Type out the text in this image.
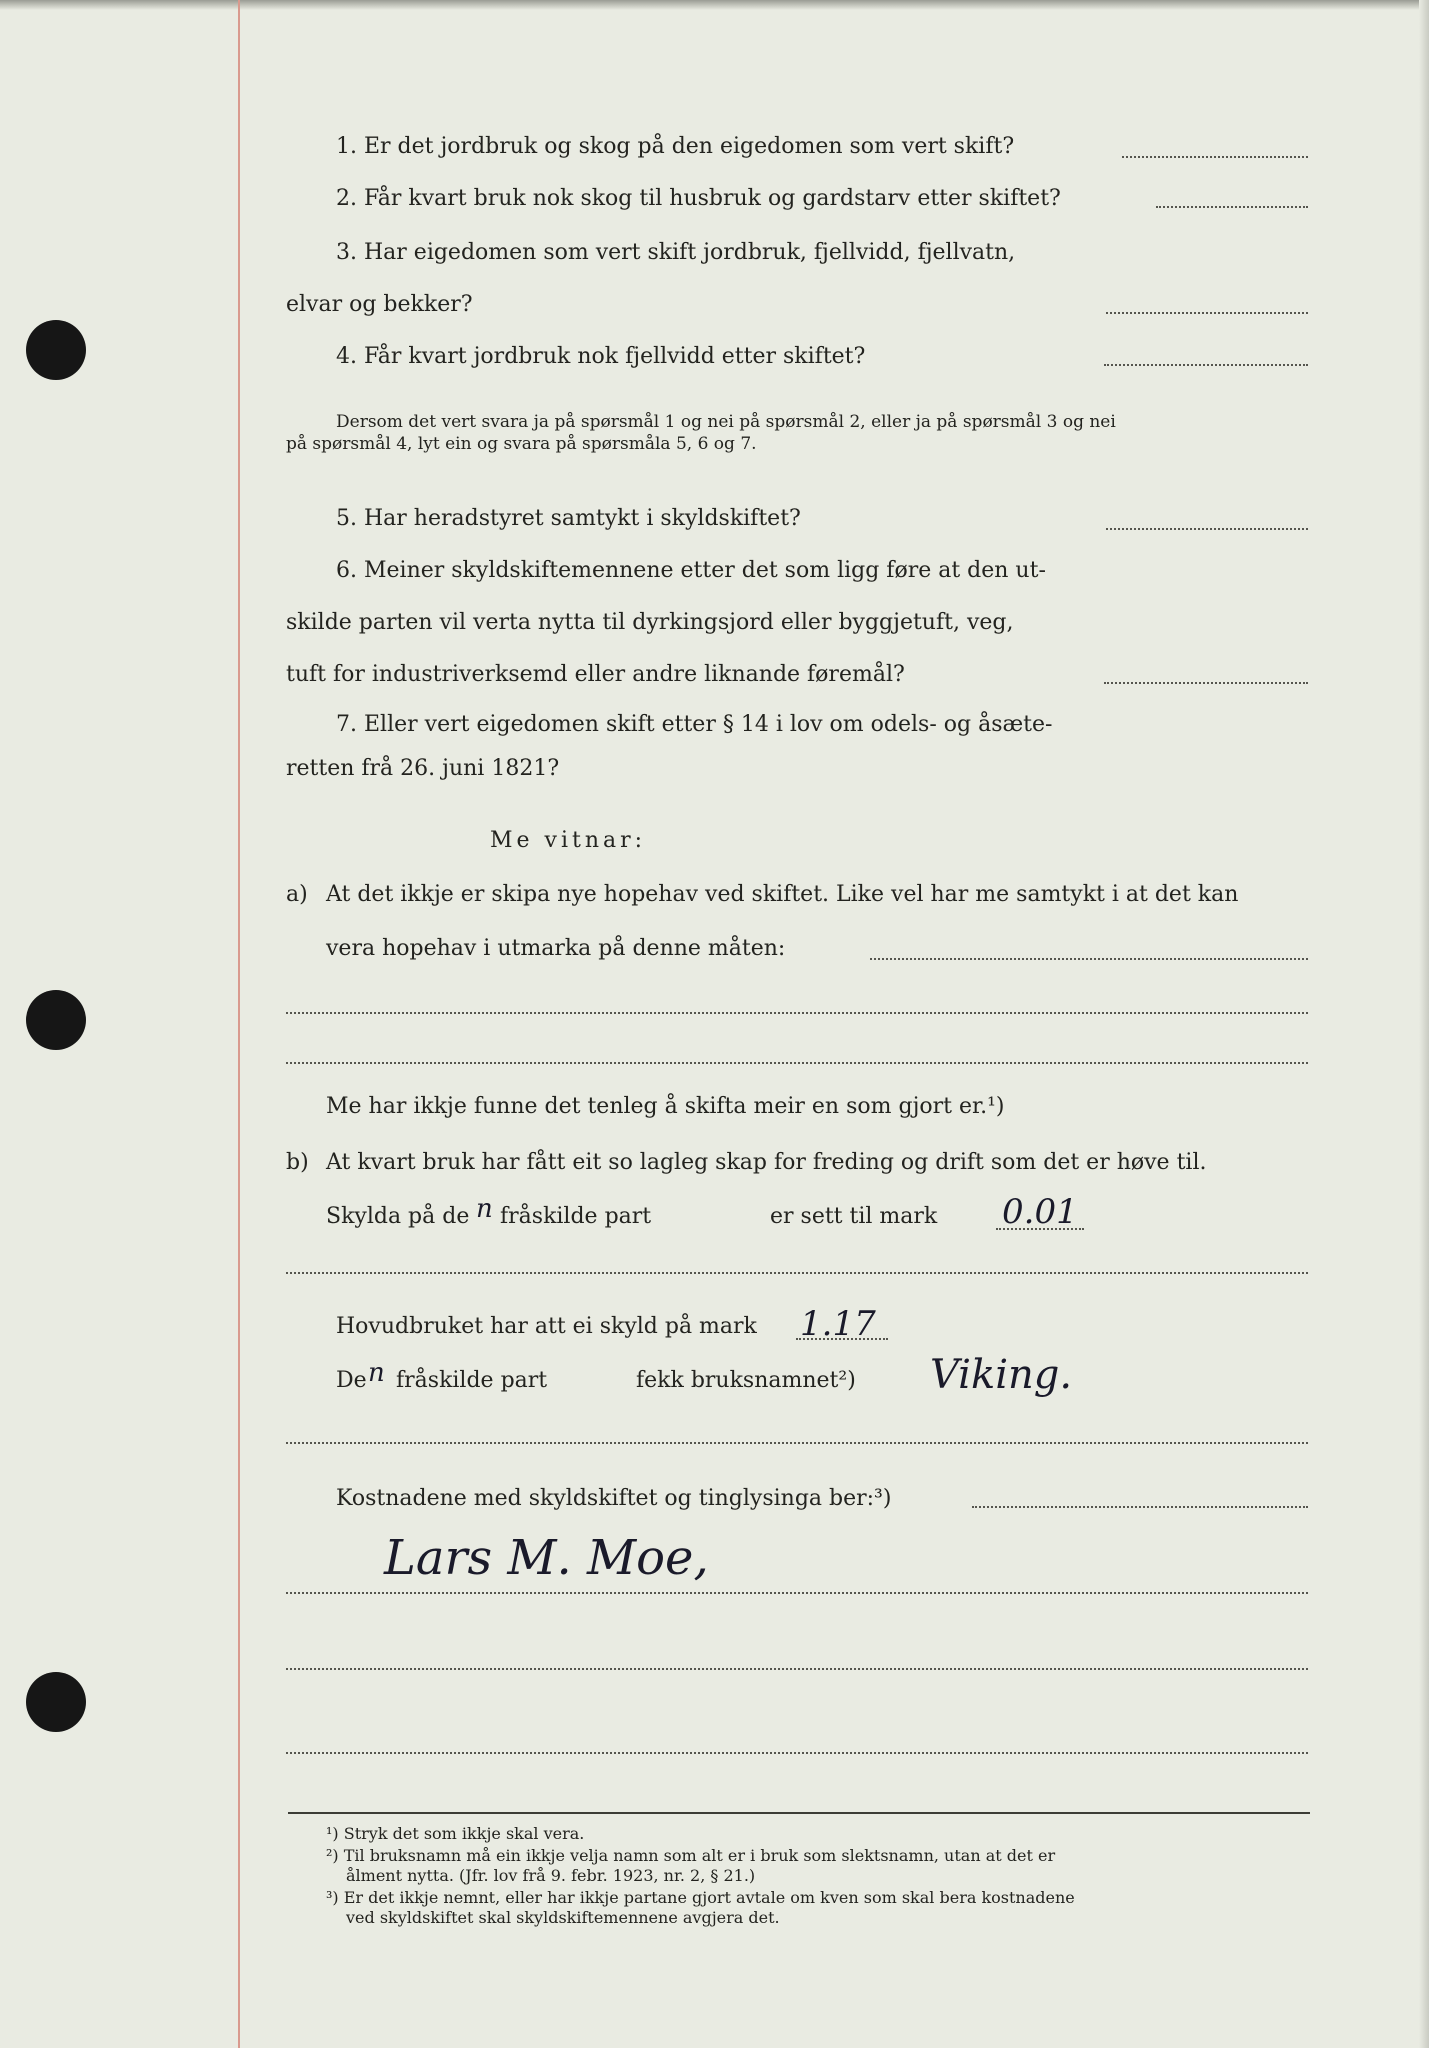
1. Er det jordbruk og skog på den eigedomen som vert skift?
2. Får kvart bruk nok skog til husbruk og gardstarv etter skiftet?
3. Har eigedomen som vert skift jordbruk, fjellvidd, fjellvatn,
elvar og bekker?
4. Får kvart jordbruk nok fjellvidd etter skiftet?
Dersom det vert svara ja på spørsmål 1 og nei på spørsmål 2, eller ja på spørsmål 3 og nei
på spørsmål 4, lyt ein og svara på spørsmåla 5, 6 og 7.
5. Har heradstyret samtykt i skyldskiftet?
6. Meiner skyldskiftemennene etter det som ligg føre at den ut-
skilde parten vil verta nytta til dyrkingsjord eller byggjetuft, veg,
tuft for industriverksemd eller andre liknande føremål?
7. Eller vert eigedomen skift etter § 14 i lov om odels- og åsæte-
retten frå 26. juni 1821?
Me vitnar:
a) At det ikkje er skipa nye hopehav ved skiftet. Like vel har me samtykt i at det kan
vera hopehav i utmarka på denne måten:
Me har ikkje funne det tenleg å skifta meir en som gjort er.¹)
b) At kvart bruk har fått eit so lagleg skap for freding og drift som det er høve til.
Skylda på de n fråskilde part	er sett til mark 0.01
Hovudbruket har att ei skyld på mark 1.17
De n fråskilde part	fekk bruksnamnet²) Viking.
Kostnadene med skyldskiftet og tinglysinga ber:³)
Lars M. Moe,
¹) Stryk det som ikkje skal vera.
²) Til bruksnamn må ein ikkje velja namn som alt er i bruk som slektsnamn, utan at det er
ålment nytta. (Jfr. lov frå 9. febr. 1923, nr. 2, § 21.)
³) Er det ikkje nemnt, eller har ikkje partane gjort avtale om kven som skal bera kostnadene
ved skyldskiftet skal skyldskiftemennene avgjera det.
